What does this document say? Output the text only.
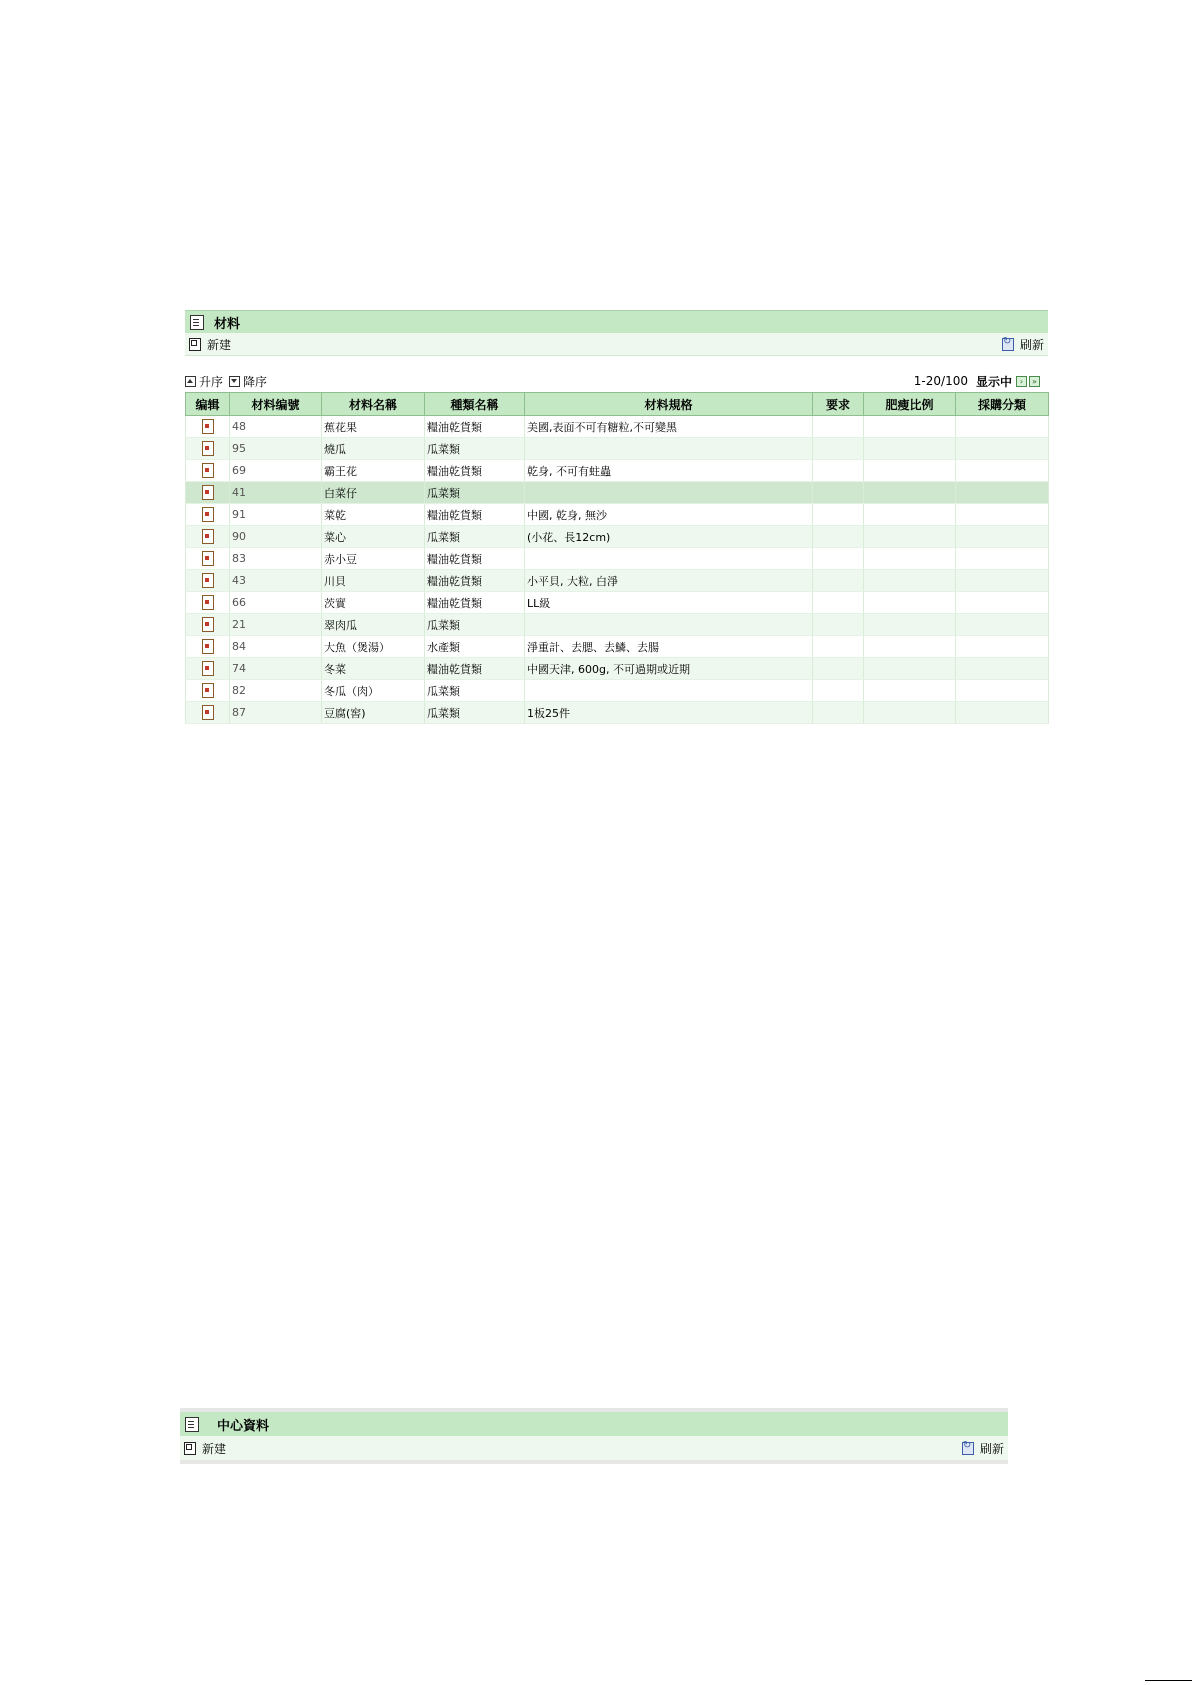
材料
新建 ↻	刷新
升序 降序	1-20/100 显示中 ›	»
编辑	材料编號	材料名稱	種類名稱	材料規格	要求	肥瘦比例	採購分類
	48	蕉花果	糧油乾貨類	美國,表面不可有糖粒,不可變黑			
	95	燒瓜	瓜菜類				
	69	霸王花	糧油乾貨類	乾身, 不可有蛀蟲			
	41	白菜仔	瓜菜類				
	91	菜乾	糧油乾貨類	中國, 乾身, 無沙			
	90	菜心	瓜菜類	(小花、長12cm)			
	83	赤小豆	糧油乾貨類				
	43	川貝	糧油乾貨類	小平貝, 大粒, 白淨			
	66	茨實	糧油乾貨類	LL級			
	21	翠肉瓜	瓜菜類				
	84	大魚（煲湯）	水產類	淨重計、去腮、去鱗、去腸			
	74	冬菜	糧油乾貨類	中國天津, 600g, 不可過期或近期			
	82	冬瓜（肉）	瓜菜類				
	87	豆腐(窖)	瓜菜類	1板25件			
中心資料
新建 ↻	刷新
